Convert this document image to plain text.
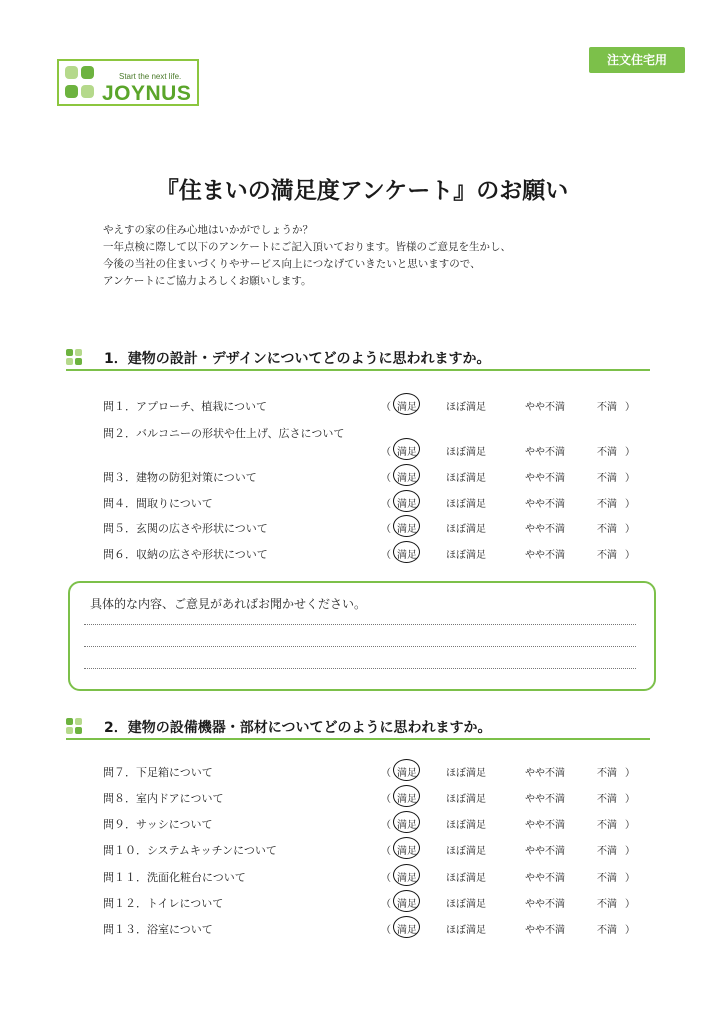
Start the next life.
JOYNUS
注文住宅用
『住まいの満足度アンケート』のお願い
やえすの家の住み心地はいかがでしょうか？
一年点検に際して以下のアンケートにご記入頂いております。皆様のご意見を生かし、
今後の当社の住まいづくりやサービス向上につなげていきたいと思いますので、
アンケートにご協力よろしくお願いします。
1．建物の設計・デザインについてどのように思われますか。
問１．アプローチ、植栽について	（ 満足	ほぼ満足	やや不満	不満 ）
問２．バルコニーの形状や仕上げ、広さについて
（ 満足	ほぼ満足	やや不満	不満 ）
問３．建物の防犯対策について	（ 満足	ほぼ満足	やや不満	不満 ）
問４．間取りについて	（ 満足	ほぼ満足	やや不満	不満 ）
問５．玄関の広さや形状について	（ 満足	ほぼ満足	やや不満	不満 ）
問６．収納の広さや形状について	（ 満足	ほぼ満足	やや不満	不満 ）
具体的な内容、ご意見があればお聞かせください。
2．建物の設備機器・部材についてどのように思われますか。
問７．下足箱について	（ 満足	ほぼ満足	やや不満	不満 ）
問８．室内ドアについて	（ 満足	ほぼ満足	やや不満	不満 ）
問９．サッシについて	（ 満足	ほぼ満足	やや不満	不満 ）
問１０．システムキッチンについて	（ 満足	ほぼ満足	やや不満	不満 ）
問１１．洗面化粧台について	（ 満足	ほぼ満足	やや不満	不満 ）
問１２．トイレについて	（ 満足	ほぼ満足	やや不満	不満 ）
問１３．浴室について	（ 満足	ほぼ満足	やや不満	不満 ）
